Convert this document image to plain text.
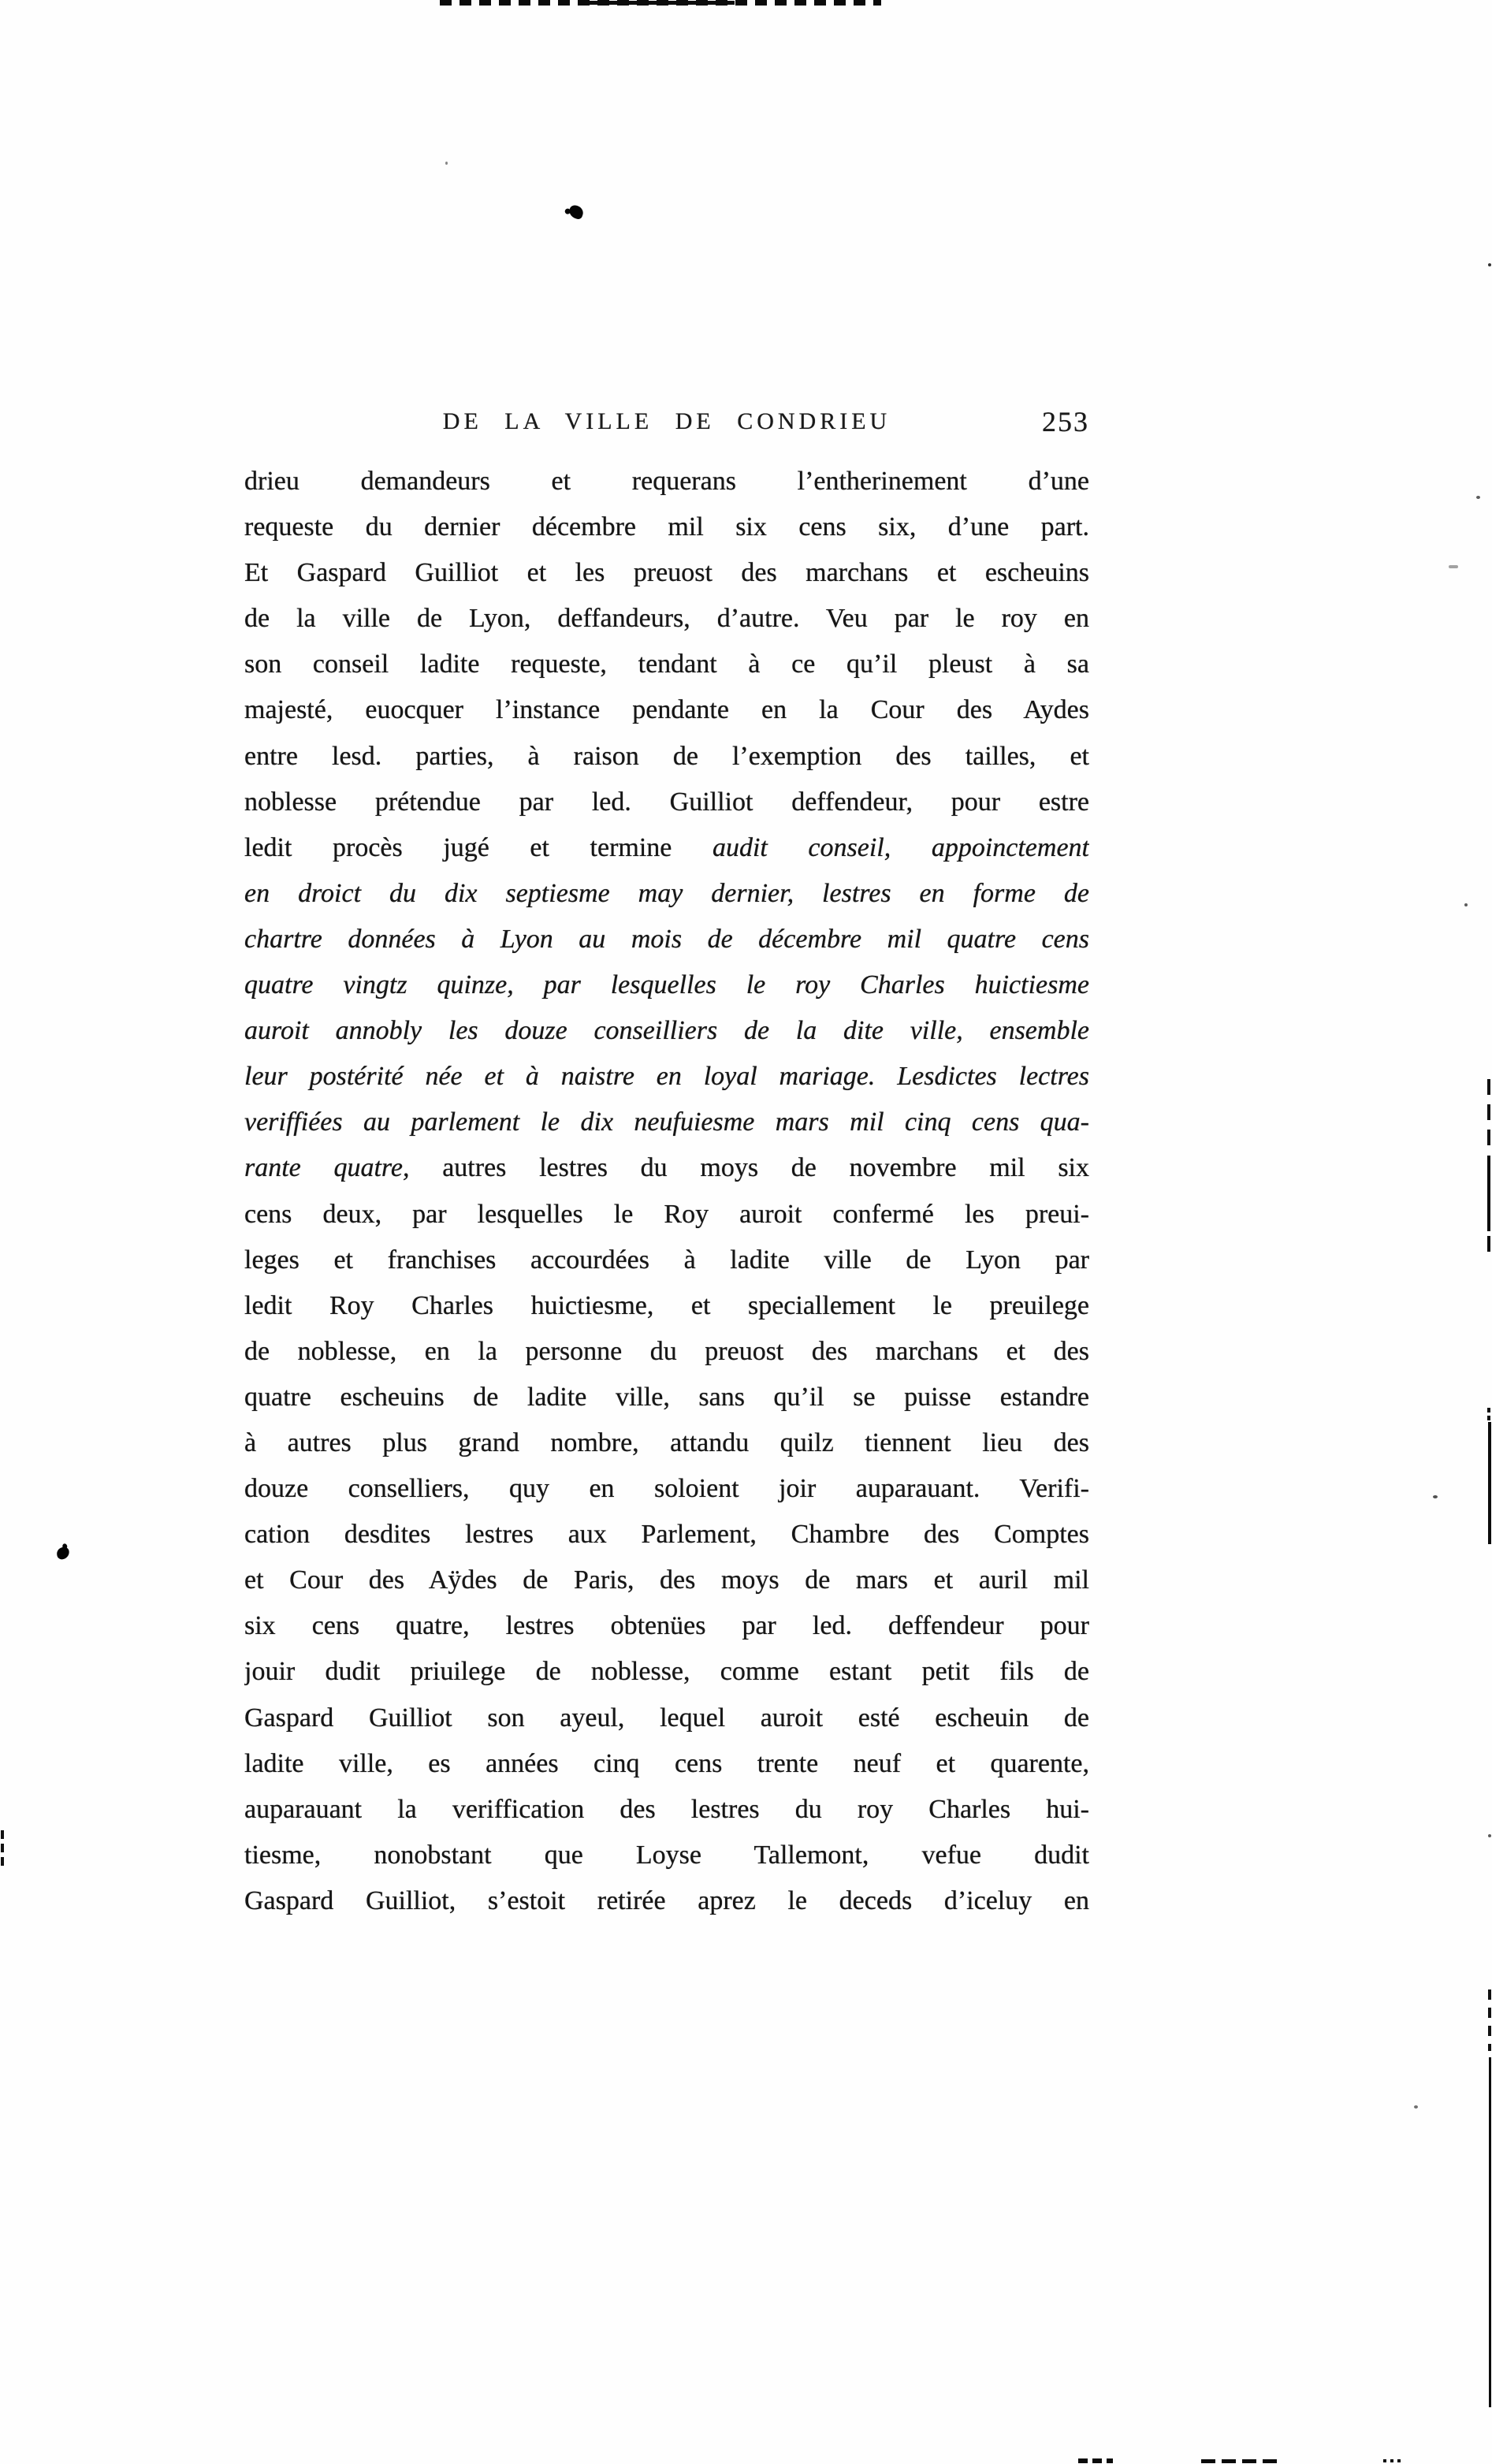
DE LA VILLE DE CONDRIEU	253
drieu demandeurs et requerans l’entherinement d’une
requeste du dernier décembre mil six cens six, d’une part.
Et Gaspard Guilliot et les preuost des marchans et escheuins
de la ville de Lyon, deffandeurs, d’autre. Veu par le roy en
son conseil ladite requeste, tendant à ce qu’il pleust à sa
majesté, euocquer l’instance pendante en la Cour des Aydes
entre lesd. parties, à raison de l’exemption des tailles, et
noblesse prétendue par led. Guilliot deffendeur, pour estre
ledit procès jugé et termine audit conseil, appoinctement
en droict du dix septiesme may dernier, lestres en forme de
chartre données à Lyon au mois de décembre mil quatre cens
quatre vingtz quinze, par lesquelles le roy Charles huictiesme
auroit annobly les douze conseilliers de la dite ville, ensemble
leur postérité née et à naistre en loyal mariage. Lesdictes lectres
veriffiées au parlement le dix neufuiesme mars mil cinq cens qua-
rante quatre, autres lestres du moys de novembre mil six
cens deux, par lesquelles le Roy auroit confermé les preui-
leges et franchises accourdées à ladite ville de Lyon par
ledit Roy Charles huictiesme, et speciallement le preuilege
de noblesse, en la personne du preuost des marchans et des
quatre escheuins de ladite ville, sans qu’il se puisse estandre
à autres plus grand nombre, attandu quilz tiennent lieu des
douze conselliers, quy en soloient joir auparauant. Verifi-
cation desdites lestres aux Parlement, Chambre des Comptes
et Cour des Aÿdes de Paris, des moys de mars et auril mil
six cens quatre, lestres obtenües par led. deffendeur pour
jouir dudit priuilege de noblesse, comme estant petit fils de
Gaspard Guilliot son ayeul, lequel auroit esté escheuin de
ladite ville, es années cinq cens trente neuf et quarente,
auparauant la veriffication des lestres du roy Charles hui-
tiesme, nonobstant que Loyse Tallemont, vefue dudit
Gaspard Guilliot, s’estoit retirée aprez le deceds d’iceluy en
